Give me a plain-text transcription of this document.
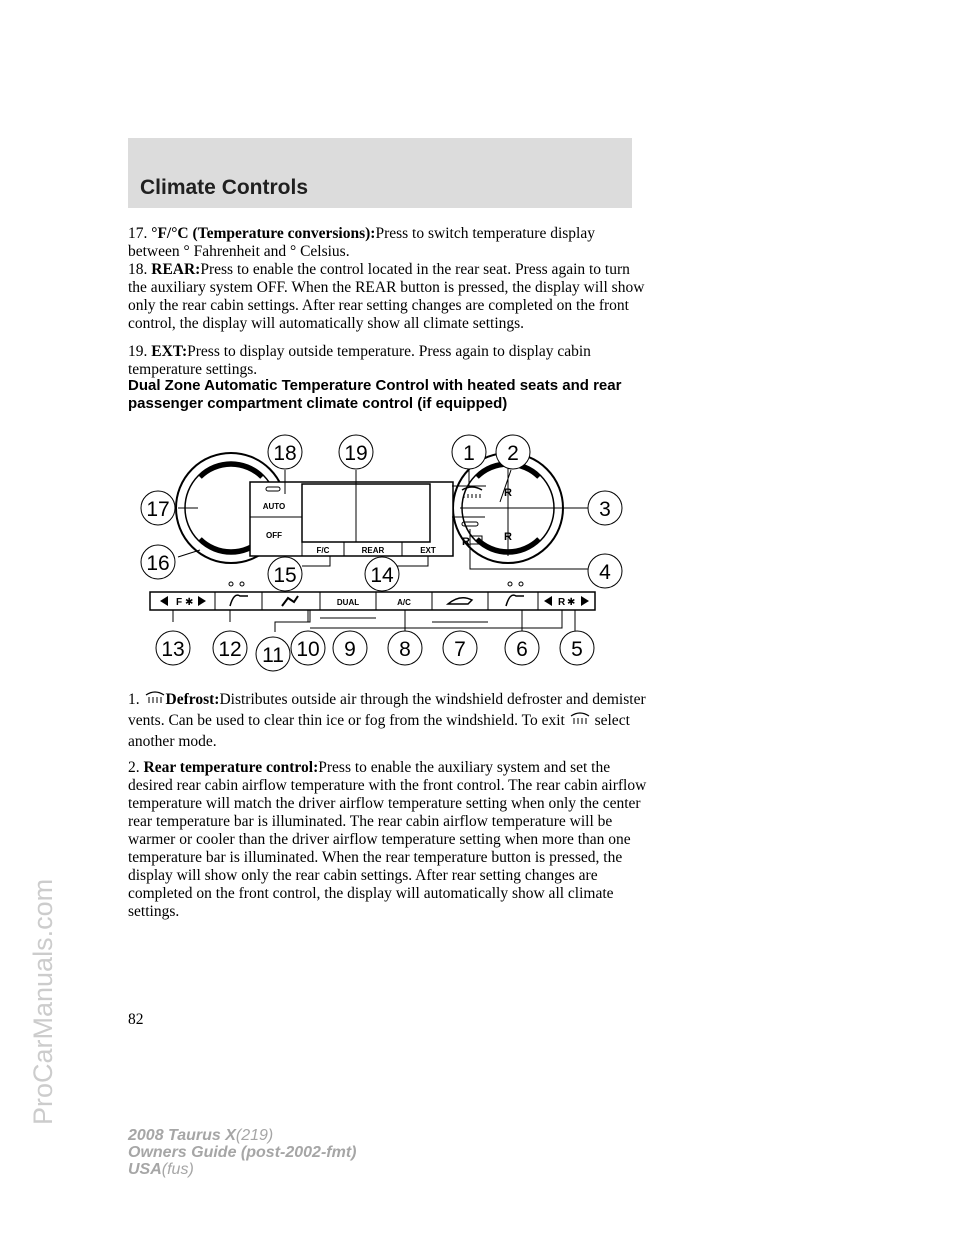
Climate Controls

17. °F/°C (Temperature conversions):Press to switch temperature display between ° Fahrenheit and ° Celsius.

18. REAR:Press to enable the control located in the rear seat. Press again to turn the auxiliary system OFF. When the REAR button is pressed, the display will show only the rear cabin settings. After rear setting changes are completed on the front control, the display will automatically show all climate settings.

19. EXT:Press to display outside temperature. Press again to display cabin temperature settings.

Dual Zone Automatic Temperature Control with heated seats and rear passenger compartment climate control (if equipped)
R
R
AUTO
OFF
F/C	REAR	EXT
R
F ✱	DUAL	A/C	R ✱
18 19	1 2
17	3
16
15	14	4
13 12 11 10 9 8 7 6 5

1. Defrost:Distributes outside air through the windshield defroster and demister vents. Can be used to clear thin ice or fog from the windshield. To exit select another mode.

2. Rear temperature control:Press to enable the auxiliary system and set the desired rear cabin airflow temperature with the front control. The rear cabin airflow temperature will match the driver airflow temperature setting when only the center rear temperature bar is illuminated. The rear cabin airflow temperature will be warmer or cooler than the driver airflow temperature setting when more than one temperature bar is illuminated. When the rear temperature button is pressed, the display will show only the rear cabin settings. After rear setting changes are completed on the front control, the display will automatically show all climate settings.

82
2008 Taurus X(219)
Owners Guide (post-2002-fmt)
USA(fus)
ProCarManuals.com
